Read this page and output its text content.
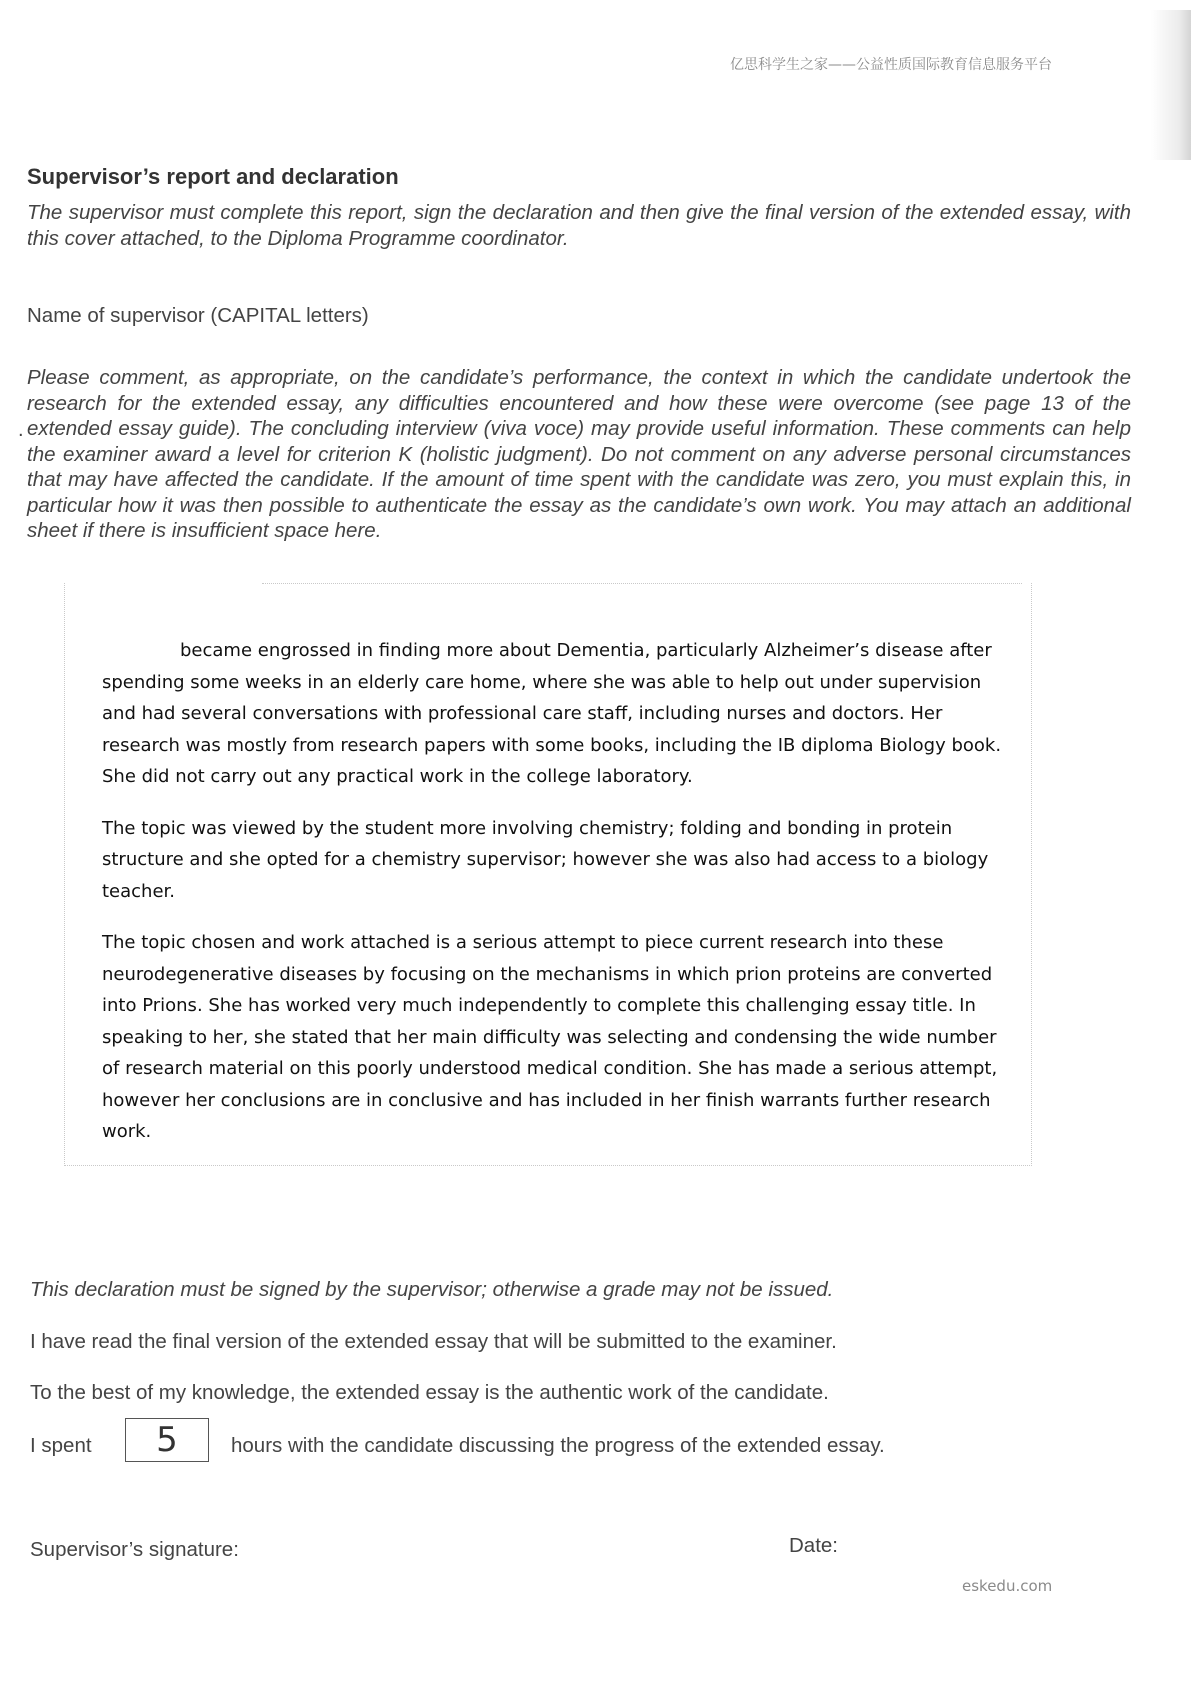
亿思科学生之家——公益性质国际教育信息服务平台
Supervisor’s report and declaration
The supervisor must complete this report, sign the declaration and then give the final version of the extended essay, with this cover attached, to the Diploma Programme coordinator.
Name of supervisor (CAPITAL letters)
Please comment, as appropriate, on the candidate’s performance, the context in which the candidate undertook the research for the extended essay, any difficulties encountered and how these were overcome (see page 13 of the extended essay guide). The concluding interview (viva voce) may provide useful information. These comments can help the examiner award a level for criterion K (holistic judgment). Do not comment on any adverse personal circumstances that may have affected the candidate. If the amount of time spent with the candidate was zero, you must explain this, in particular how it was then possible to authenticate the essay as the candidate’s own work. You may attach an additional sheet if there is insufficient space here.
.

became engrossed in finding more about Dementia, particularly Alzheimer’s disease after spending some weeks in an elderly care home, where she was able to help out under supervision and had several conversations with professional care staff, including nurses and doctors. Her research was mostly from research papers with some books, including the IB diploma Biology book. She did not carry out any practical work in the college laboratory.

The topic was viewed by the student more involving chemistry; folding and bonding in protein structure and she opted for a chemistry supervisor; however she was also had access to a biology teacher.

The topic chosen and work attached is a serious attempt to piece current research into these neurodegenerative diseases by focusing on the mechanisms in which prion proteins are converted into Prions. She has worked very much independently to complete this challenging essay title. In speaking to her, she stated that her main difficulty was selecting and condensing the wide number of research material on this poorly understood medical condition. She has made a serious attempt, however her conclusions are in conclusive and has included in her finish warrants further research work.

This declaration must be signed by the supervisor; otherwise a grade may not be issued.
I have read the final version of the extended essay that will be submitted to the examiner.
To the best of my knowledge, the extended essay is the authentic work of the candidate.
I spent	5	hours with the candidate discussing the progress of the extended essay.
Supervisor’s signature:	Date:
eskedu.com
